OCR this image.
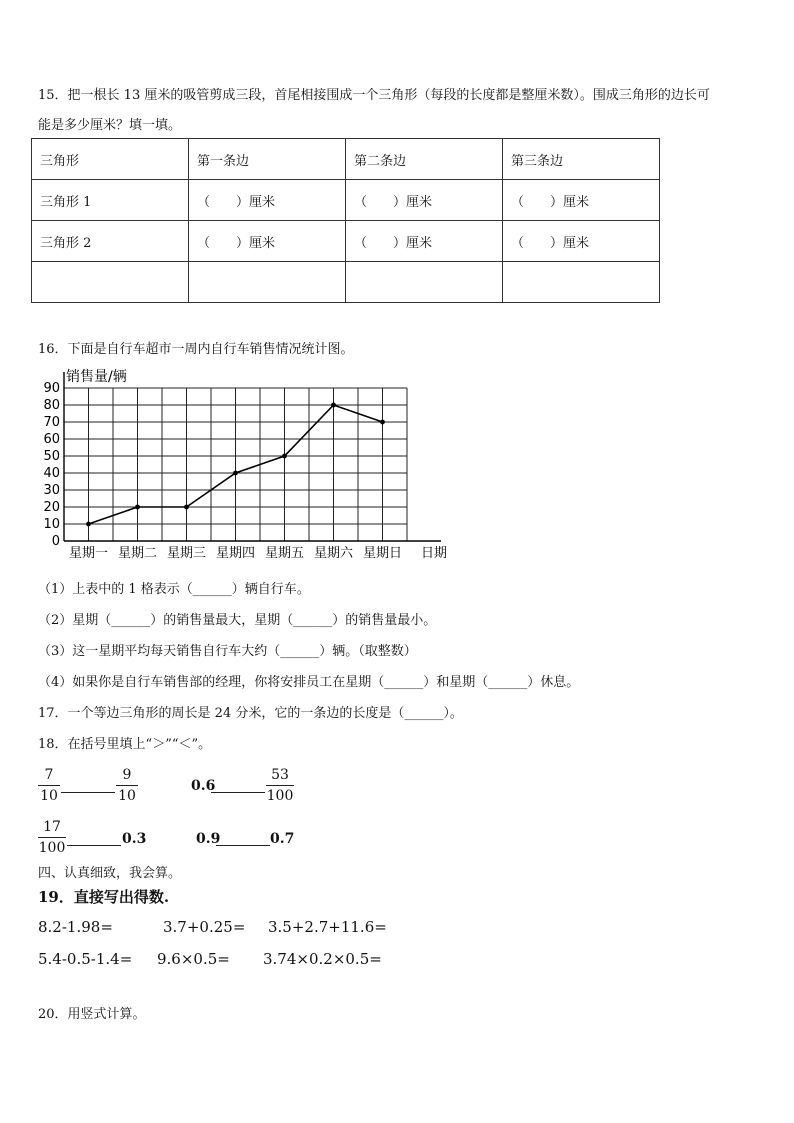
15．把一根长 13 厘米的吸管剪成三段，首尾相接围成一个三角形（每段的长度都是整厘米数）。围成三角形的边长可
能是多少厘米？填一填。
三角形	第一条边	第二条边	第三条边
三角形 1	（　　）厘米	（　　）厘米	（　　）厘米
三角形 2	（　　）厘米	（　　）厘米	（　　）厘米

16．下面是自行车超市一周内自行车销售情况统计图。
0
10
20
30
40
50
60
70
80
90
销售量/辆
星期一 星期二 星期三 星期四 星期五 星期六 星期日 日期
（1）上表中的 1 格表示（______）辆自行车。
（2）星期（______）的销售量最大，星期（______）的销售量最小。
（3）这一星期平均每天销售自行车大约（______）辆。（取整数）
（4）如果你是自行车销售部的经理，你将安排员工在星期（______）和星期（______）休息。
17．一个等边三角形的周长是 24 分米，它的一条边的长度是（______）。
18．在括号里填上“＞”“＜”。
7
10
9
10
0.6
53
100
17
100
0.3	0.9	0.7
四、认真细致，我会算。
19．直接写出得数.
8.2-1.98=	3.7+0.25= 3.5+2.7+11.6=
5.4-0.5-1.4= 9.6×0.5= 3.74×0.2×0.5=
20．用竖式计算。
